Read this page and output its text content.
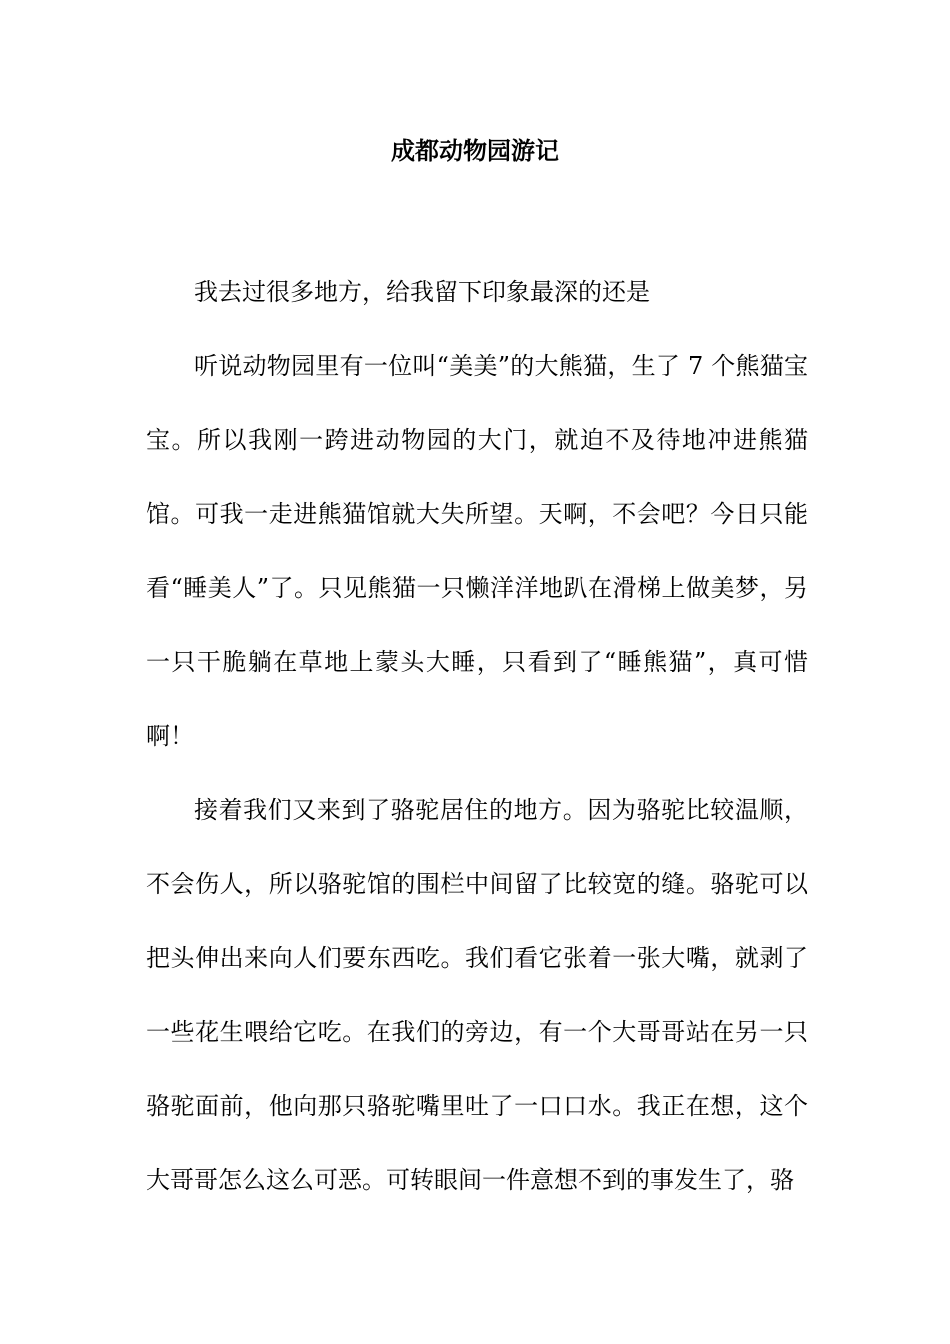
成都动物园游记

我去过很多地方，给我留下印象最深的还是

听说动物园里有一位叫“美美”的大熊猫，生了 7 个熊猫宝宝。所以我刚一跨进动物园的大门，就迫不及待地冲进熊猫馆。可我一走进熊猫馆就大失所望。天啊，不会吧？今日只能看“睡美人”了。只见熊猫一只懒洋洋地趴在滑梯上做美梦，另一只干脆躺在草地上蒙头大睡，只看到了“睡熊猫”，真可惜啊！

接着我们又来到了骆驼居住的地方。因为骆驼比较温顺，不会伤人，所以骆驼馆的围栏中间留了比较宽的缝。骆驼可以把头伸出来向人们要东西吃。我们看它张着一张大嘴，就剥了一些花生喂给它吃。在我们的旁边，有一个大哥哥站在另一只骆驼面前，他向那只骆驼嘴里吐了一口口水。我正在想，这个大哥哥怎么这么可恶。可转眼间一件意想不到的事发生了，骆
